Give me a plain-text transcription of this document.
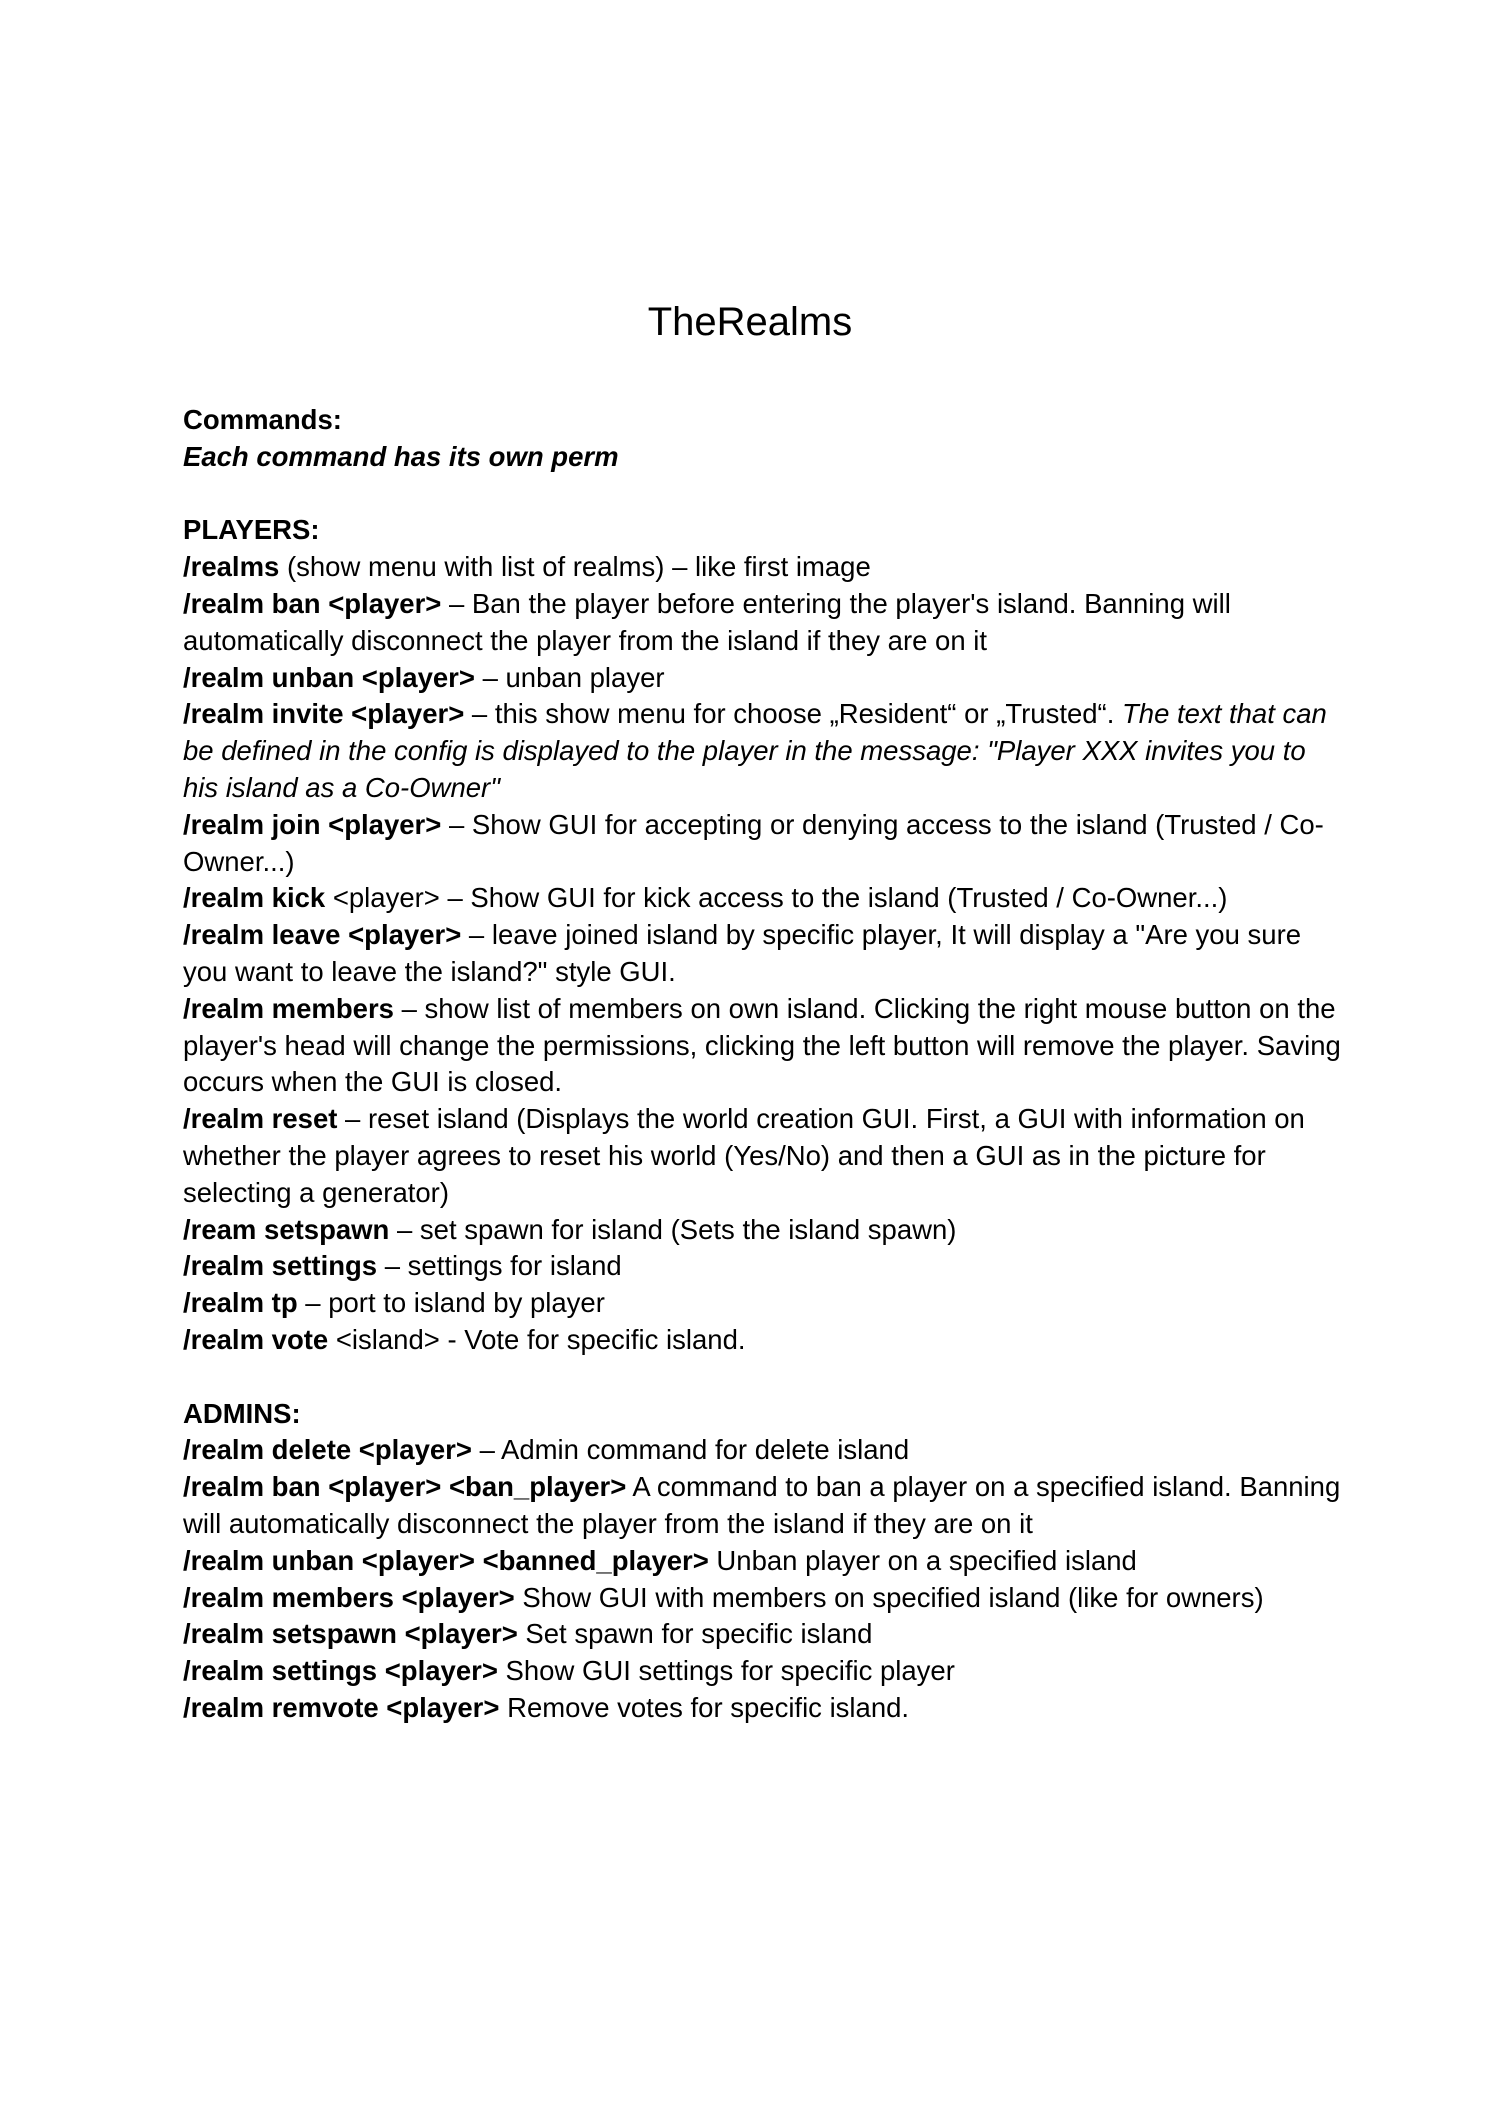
TheRealms

Commands:

Each command has its own perm

PLAYERS:

/realms (show menu with list of realms) – like first image

/realm ban <player> – Ban the player before entering the player's island. Banning will automatically disconnect the player from the island if they are on it

/realm unban <player> – unban player

/realm invite <player> – this show menu for choose „Resident“ or „Trusted“. The text that can be defined in the config is displayed to the player in the message: "Player XXX invites you to his island as a Co-Owner"

/realm join <player> – Show GUI for accepting or denying access to the island (Trusted / Co-Owner...)

/realm kick <player> – Show GUI for kick access to the island (Trusted / Co-Owner...)

/realm leave <player> – leave joined island by specific player, It will display a "Are you sure you want to leave the island?" style GUI.

/realm members – show list of members on own island. Clicking the right mouse button on the player's head will change the permissions, clicking the left button will remove the player. Saving occurs when the GUI is closed.

/realm reset – reset island (Displays the world creation GUI. First, a GUI with information on whether the player agrees to reset his world (Yes/No) and then a GUI as in the picture for selecting a generator)

/ream setspawn – set spawn for island (Sets the island spawn)

/realm settings – settings for island

/realm tp – port to island by player

/realm vote <island> - Vote for specific island.

ADMINS:

/realm delete <player> – Admin command for delete island

/realm ban <player> <ban_player> A command to ban a player on a specified island. Banning will automatically disconnect the player from the island if they are on it

/realm unban <player> <banned_player> Unban player on a specified island

/realm members <player> Show GUI with members on specified island (like for owners)

/realm setspawn <player> Set spawn for specific island

/realm settings <player> Show GUI settings for specific player

/realm remvote <player> Remove votes for specific island.
